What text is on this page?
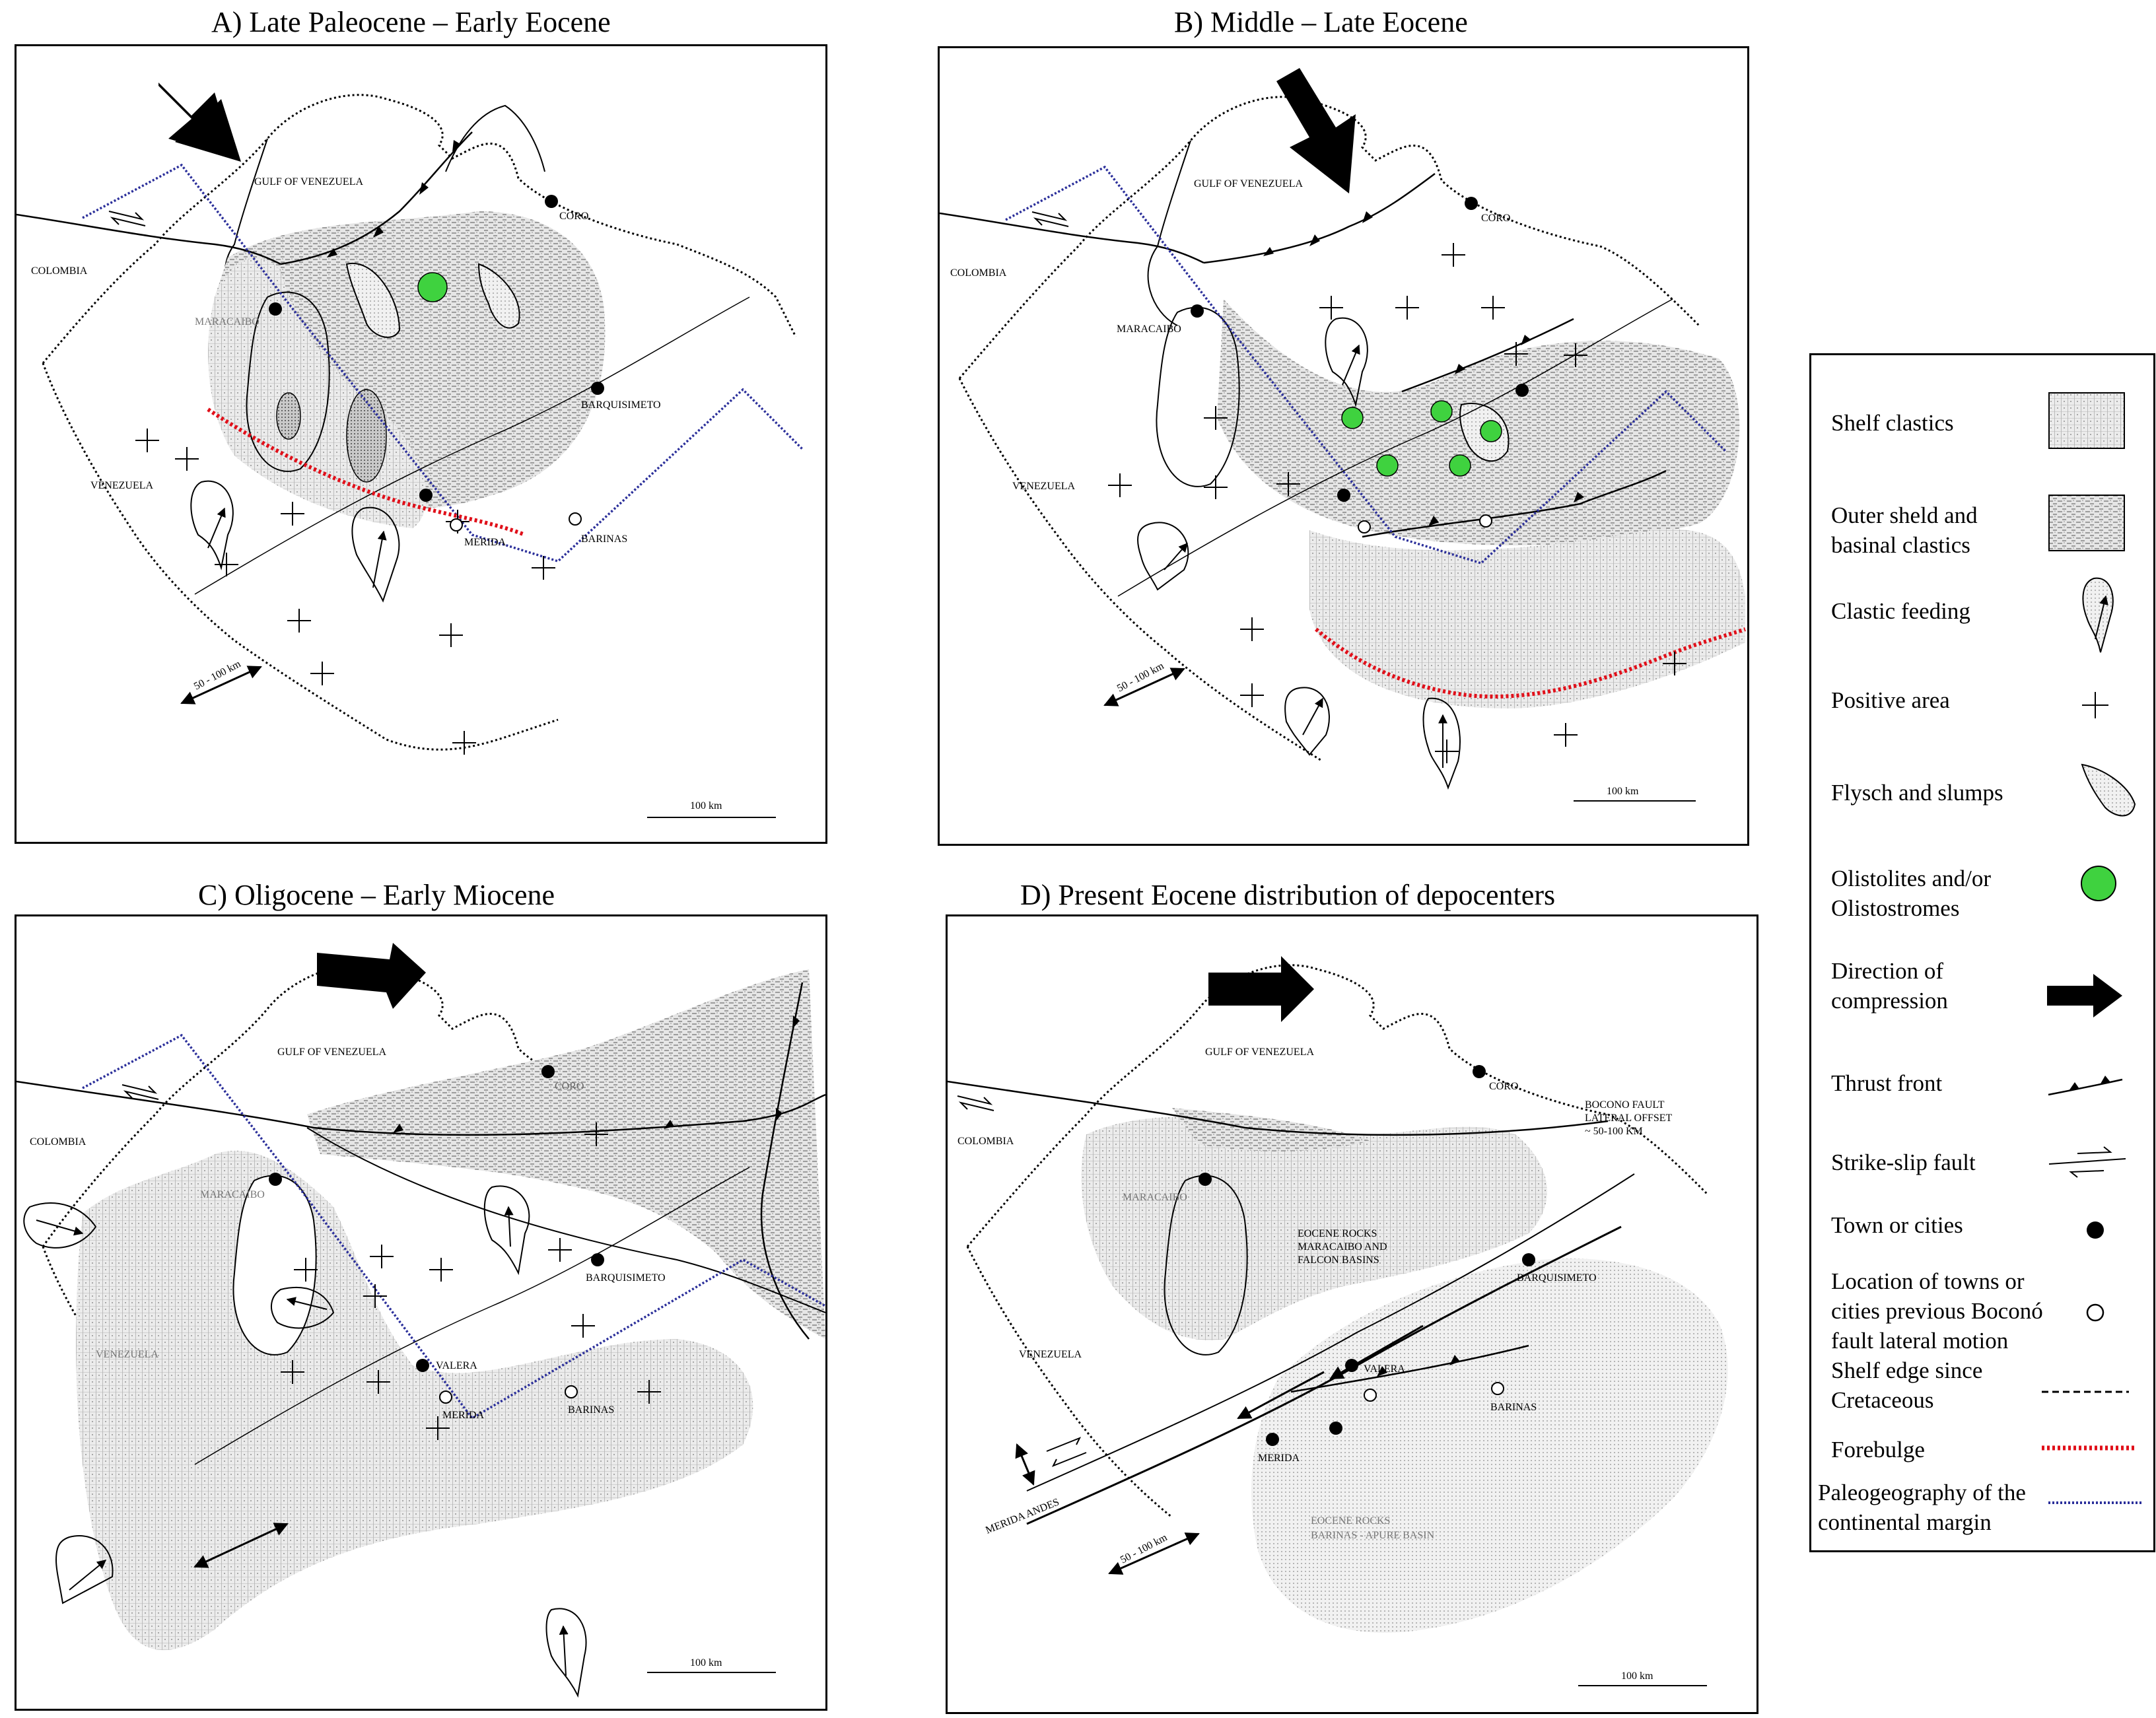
A) Late Paleocene – Early Eocene
GULF OF VENEZUELA
CORO
COLOMBIA
MARACAIBO
BARQUISIMETO
VENEZUELA
MERIDA	BARINAS
50 - 100 km
100 km
B) Middle – Late Eocene
GULF OF VENEZUELA
CORO
COLOMBIA
MARACAIBO
VENEZUELA
50 - 100 km
100 km
C) Oligocene – Early Miocene
GULF OF VENEZUELA
CORO
COLOMBIA
MARACAIBO
BARQUISIMETO
VENEZUELA
VALERA
MERIDA	BARINAS
100 km
D) Present Eocene distribution of depocenters
GULF OF VENEZUELA
CORO
COLOMBIA
BOCONO FAULT
LATERAL OFFSET
~ 50-100 KM
MARACAIBO
EOCENE ROCKS
MARACAIBO AND
FALCON BASINS
BARQUISIMETO
VENEZUELA
VALERA
BARINAS
MERIDA
MERIDA ANDES
50 - 100 km
EOCENE ROCKS
BARINAS - APURE BASIN
100 km
Shelf clastics
Outer sheld and
basinal clastics
Clastic feeding
Positive area
Flysch and slumps
Olistolites and/or
Olistostromes
Direction of
compression
Thrust front
Strike-slip fault
Town or cities
Location of towns or
cities previous Boconó
fault lateral motion
Shelf edge since
Cretaceous
Forebulge
Paleogeography of the
continental margin
